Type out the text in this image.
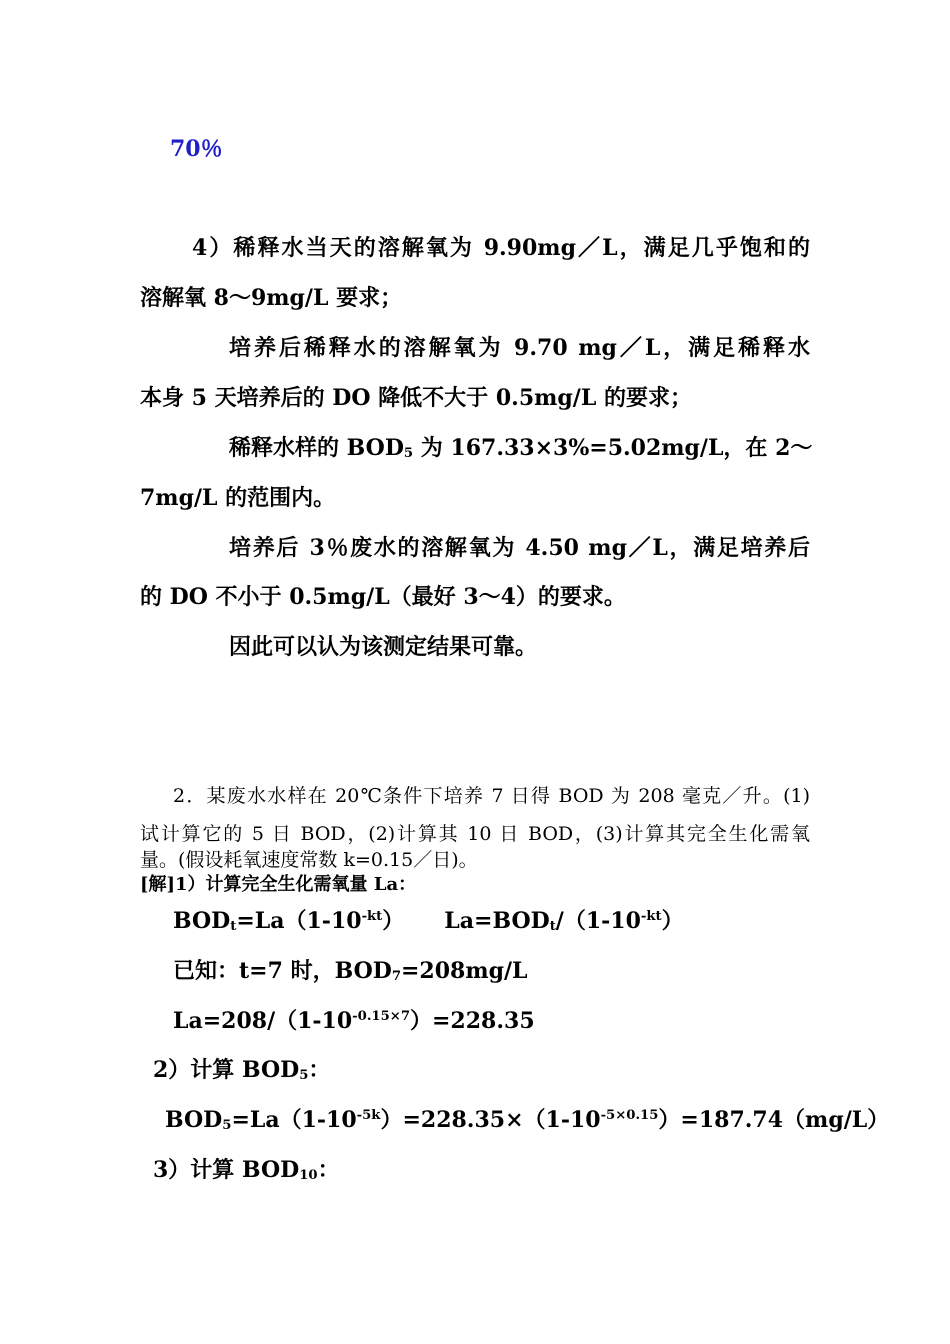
70％
4）稀释水当天的溶解氧为 9.90mg／L，满足几乎饱和的
溶解氧 8～9mg/L 要求；
培养后稀释水的溶解氧为 9.70 mg／L，满足稀释水
本身 5 天培养后的 DO 降低不大于 0.5mg/L 的要求；
稀释水样的 $BOD_5$ 为 167.33×3%=5.02mg/L，在 2～
7mg/L 的范围内。
培养后 3％废水的溶解氧为 4.50 mg／L，满足培养后
的 DO 不小于 0.5mg/L（最好 3～4）的要求。
因此可以认为该测定结果可靠。
2．某废水水样在 20℃条件下培养 7 日得 BOD 为 208 毫克／升。(1)
试计算它的 5 日 BOD，(2)计算其 10 日 BOD，(3)计算其完全生化需氧
量。(假设耗氧速度常数 k=0.15／日)。
[解]1）计算完全生化需氧量 La：
$BOD_t=La(1-10^{-kt})$ $La=BOD_t/(1-10^{-kt})$
已知：t=7 时，$BOD_7=208mg/L$
$La=208/(1-10^{-0.15\times 7})=228.35$
2）计算 $BOD_5$：
$BOD_5=La(1-10^{-5k})=228.35\times(1-10^{-5\times 0.15})=187.74(mg/L)$
3）计算 $BOD_{10}$：
